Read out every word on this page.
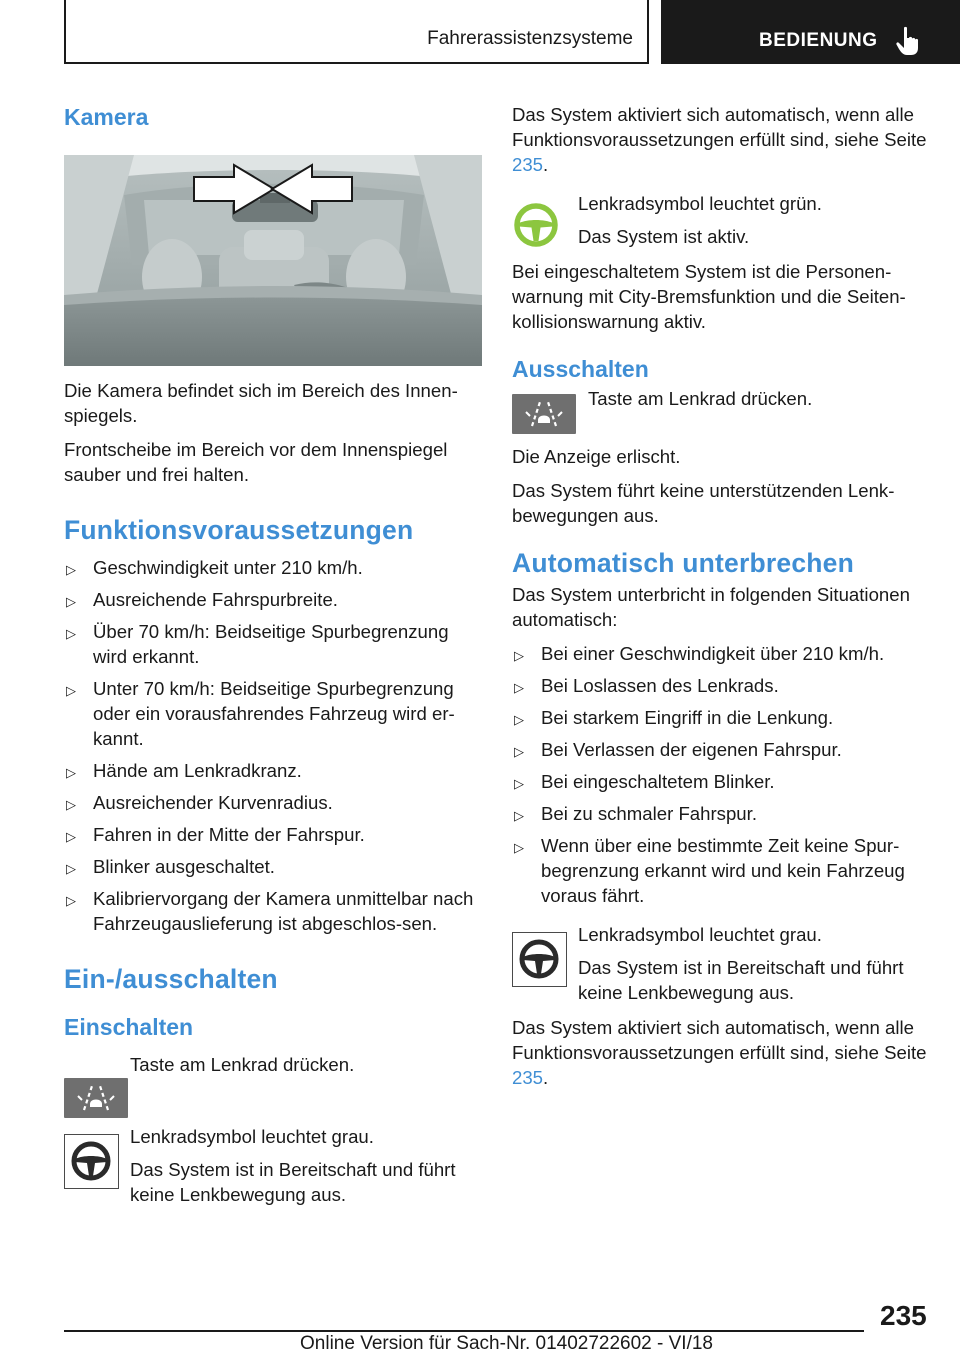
Fahrerassistenzsysteme	BEDIENUNG
Kamera
Die Kamera befindet sich im Bereich des Innen-spiegels.
Frontscheibe im Bereich vor dem Innenspiegel sauber und frei halten.
Funktionsvoraussetzungen
▷ Geschwindigkeit unter 210 km/h.
▷ Ausreichende Fahrspurbreite.
▷ Über 70 km/h: Beidseitige Spurbegrenzung wird erkannt.
▷ Unter 70 km/h: Beidseitige Spurbegrenzung oder ein vorausfahrendes Fahrzeug wird er-kannt.
▷ Hände am Lenkradkranz.
▷ Ausreichender Kurvenradius.
▷ Fahren in der Mitte der Fahrspur.
▷ Blinker ausgeschaltet.
▷ Kalibriervorgang der Kamera unmittelbar nach Fahrzeugauslieferung ist abgeschlos-sen.
Ein-/ausschalten
Einschalten
Taste am Lenkrad drücken.
Lenkradsymbol leuchtet grau.
Das System ist in Bereitschaft und führt keine Lenkbewegung aus.
Das System aktiviert sich automatisch, wenn alle Funktionsvoraussetzungen erfüllt sind, siehe Seite 235.
Lenkradsymbol leuchtet grün.
Das System ist aktiv.
Bei eingeschaltetem System ist die Personen-warnung mit City-Bremsfunktion und die Seiten-kollisionswarnung aktiv.
Ausschalten
Taste am Lenkrad drücken.
Die Anzeige erlischt.
Das System führt keine unterstützenden Lenk-bewegungen aus.
Automatisch unterbrechen
Das System unterbricht in folgenden Situationen automatisch:
▷ Bei einer Geschwindigkeit über 210 km/h.
▷ Bei Loslassen des Lenkrads.
▷ Bei starkem Eingriff in die Lenkung.
▷ Bei Verlassen der eigenen Fahrspur.
▷ Bei eingeschaltetem Blinker.
▷ Bei zu schmaler Fahrspur.
▷ Wenn über eine bestimmte Zeit keine Spur-begrenzung erkannt wird und kein Fahrzeug voraus fährt.
Lenkradsymbol leuchtet grau.
Das System ist in Bereitschaft und führt keine Lenkbewegung aus.
Das System aktiviert sich automatisch, wenn alle Funktionsvoraussetzungen erfüllt sind, siehe Seite 235.
235
Online Version für Sach-Nr. 01402722602 - VI/18
